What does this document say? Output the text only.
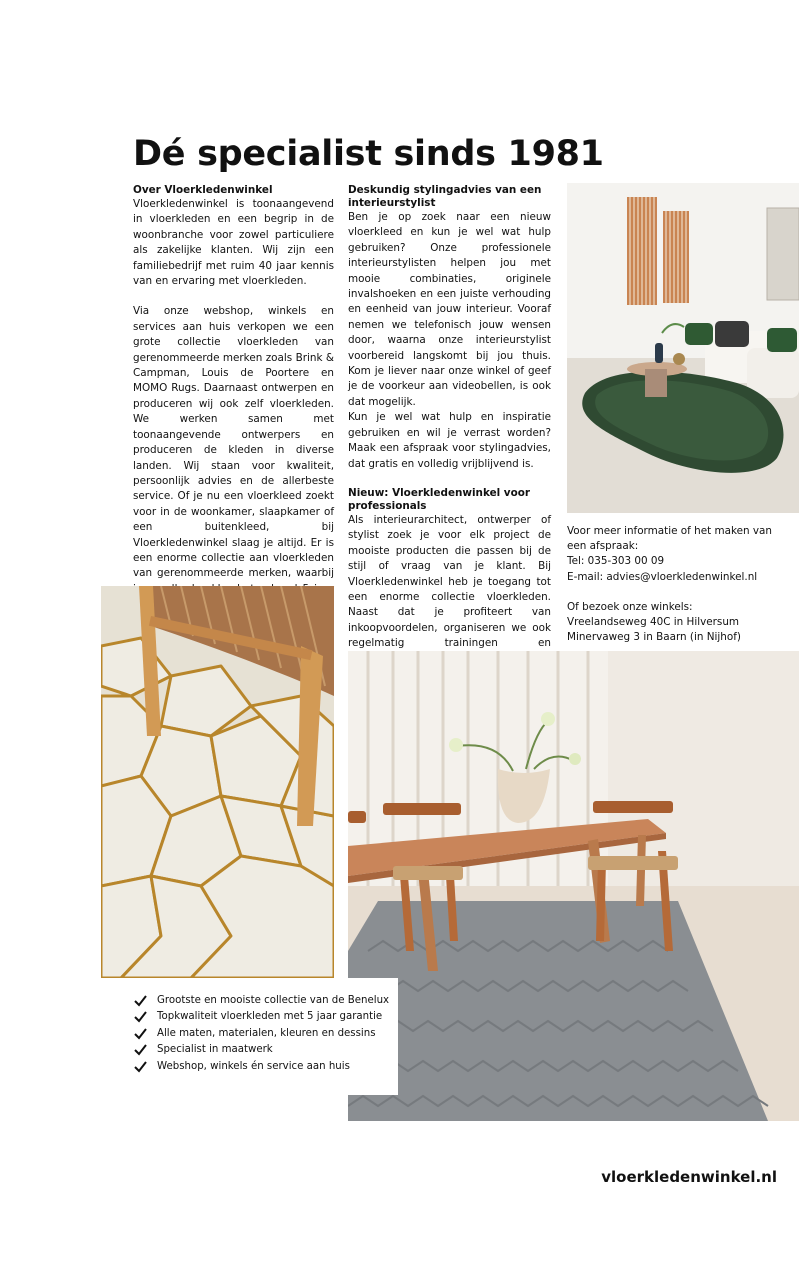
Dé specialist sinds 1981
Over Vloerkledenwinkel

Vloerkledenwinkel is toonaangevend in vloerkleden en een begrip in de woonbranche voor zowel particuliere als zakelijke klanten. Wij zijn een familiebedrijf met ruim 40 jaar kennis van en ervaring met vloerkleden.

Via onze webshop, winkels en services aan huis verkopen we een grote collectie vloerkleden van gerenommeerde merken zoals Brink & Campman, Louis de Poortere en MOMO Rugs. Daarnaast ontwerpen en produceren wij ook zelf vloerkleden. We werken samen met toonaangevende ontwerpers en produceren de kleden in diverse landen. Wij staan voor kwaliteit, persoonlijk advies en de allerbeste service. Of je nu een vloerkleed zoekt voor in de woonkamer, slaapkamer of een buitenkleed, bij Vloerkledenwinkel slaag je altijd. Er is een enorme collectie aan vloerkleden van gerenommeerde merken, waarbij

Deskundig stylingadvies van een interieurstylist

Ben je op zoek naar een nieuw vloerkleed en kun je wel wat hulp gebruiken? Onze professionele interieurstylisten helpen jou met mooie combinaties, originele invalshoeken en een juiste verhouding en eenheid van jouw interieur. Vooraf nemen we telefonisch jouw wensen door, waarna onze interieurstylist voorbereid langskomt bij jou thuis. Kom je liever naar onze winkel of geef je de voorkeur aan videobellen, is ook dat mogelijk.

Kun je wel wat hulp en inspiratie gebruiken en wil je verrast worden? Maak een afspraak voor stylingadvies, dat gratis en volledig vrijblijvend is.

Nieuw: Vloerkledenwinkel voor professionals

Als interieurarchitect, ontwerper of stylist zoek je voor elk project de mooiste producten die passen bij de stijl of vraag van je klant. Bij Vloerkledenwinkel heb je toegang tot een enorme collectie vloerkleden. Naast dat je profiteert van inkoopvoordelen, organiseren we ook regelmatig trainingen en

Voor meer informatie of het maken van een afspraak:

Tel: 035-303 00 09

E-mail: advies@vloerkledenwinkel.nl

Of bezoek onze winkels:

Vreelandseweg 40C in Hilversum

Minervaweg 3 in Baarn (in Nijhof)

Grootste en mooiste collectie van de Benelux
Topkwaliteit vloerkleden met 5 jaar garantie
Alle maten, materialen, kleuren en dessins
Specialist in maatwerk
Webshop, winkels én service aan huis
vloerkledenwinkel.nl
